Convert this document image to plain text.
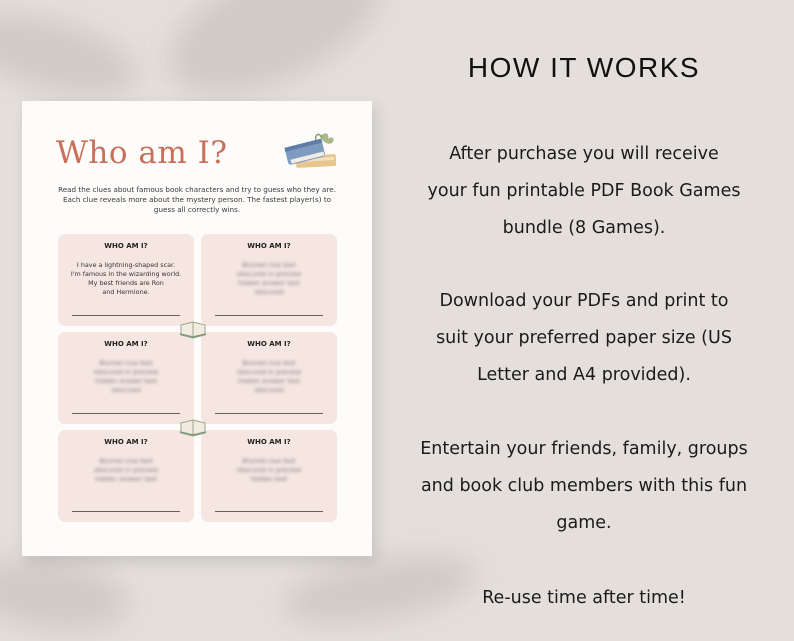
Who am I?
Read the clues about famous book characters and try to guess who they are. Each clue reveals more about the mystery person. The fastest player(s) to guess all correctly wins.
WHO AM I?
I have a lightning-shaped scar.
I'm famous in the wizarding world.
My best friends are Ron
and Hermione.
WHO AM I?
Blurred clue text
obscured in preview
hidden answer text
obscured
WHO AM I?
Blurred clue text
obscured in preview
hidden answer text
obscured
WHO AM I?
Blurred clue text
obscured in preview
hidden answer text
obscured
WHO AM I?
Blurred clue text
obscured in preview
hidden answer text
WHO AM I?
Blurred clue text
obscured in preview
hidden text
HOW IT WORKS
After purchase you will receive
your fun printable PDF Book Games
bundle (8 Games).
Download your PDFs and print to
suit your preferred paper size (US
Letter and A4 provided).
Entertain your friends, family, groups
and book club members with this fun
game.
Re-use time after time!
